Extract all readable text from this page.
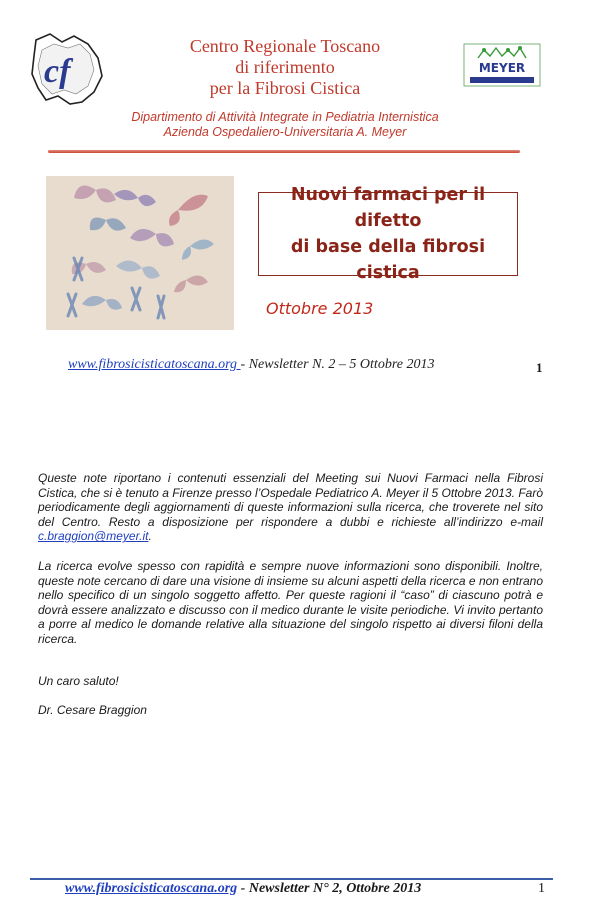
cf
Centro Regionale Toscano
di riferimento
per la Fibrosi Cistica
MEYER
Dipartimento di Attività Integrate in Pediatria Internistica
Azienda Ospedaliero-Universitaria A. Meyer
Nuovi farmaci per il difetto
di base della fibrosi cistica
Ottobre 2013
www.fibrosicisticatoscana.org - Newsletter N. 2 – 5 Ottobre 2013	1
Queste note riportano i contenuti essenziali del Meeting sui Nuovi Farmaci nella Fibrosi Cistica, che si è tenuto a Firenze presso l’Ospedale Pediatrico A. Meyer il 5 Ottobre 2013. Farò periodicamente degli aggiornamenti di queste informazioni sulla ricerca, che troverete nel sito del Centro. Resto a disposizione per rispondere a dubbi e richieste all’indirizzo e-mail c.braggion@meyer.it.
La ricerca evolve spesso con rapidità e sempre nuove informazioni sono disponibili. Inoltre, queste note cercano di dare una visione di insieme su alcuni aspetti della ricerca e non entrano nello specifico di un singolo soggetto affetto. Per queste ragioni il “caso” di ciascuno potrà e dovrà essere analizzato e discusso con il medico durante le visite periodiche. Vi invito pertanto a porre al medico le domande relative alla situazione del singolo rispetto ai diversi filoni della ricerca.
Un caro saluto!
Dr. Cesare Braggion
www.fibrosicisticatoscana.org - Newsletter N° 2, Ottobre 2013	1
